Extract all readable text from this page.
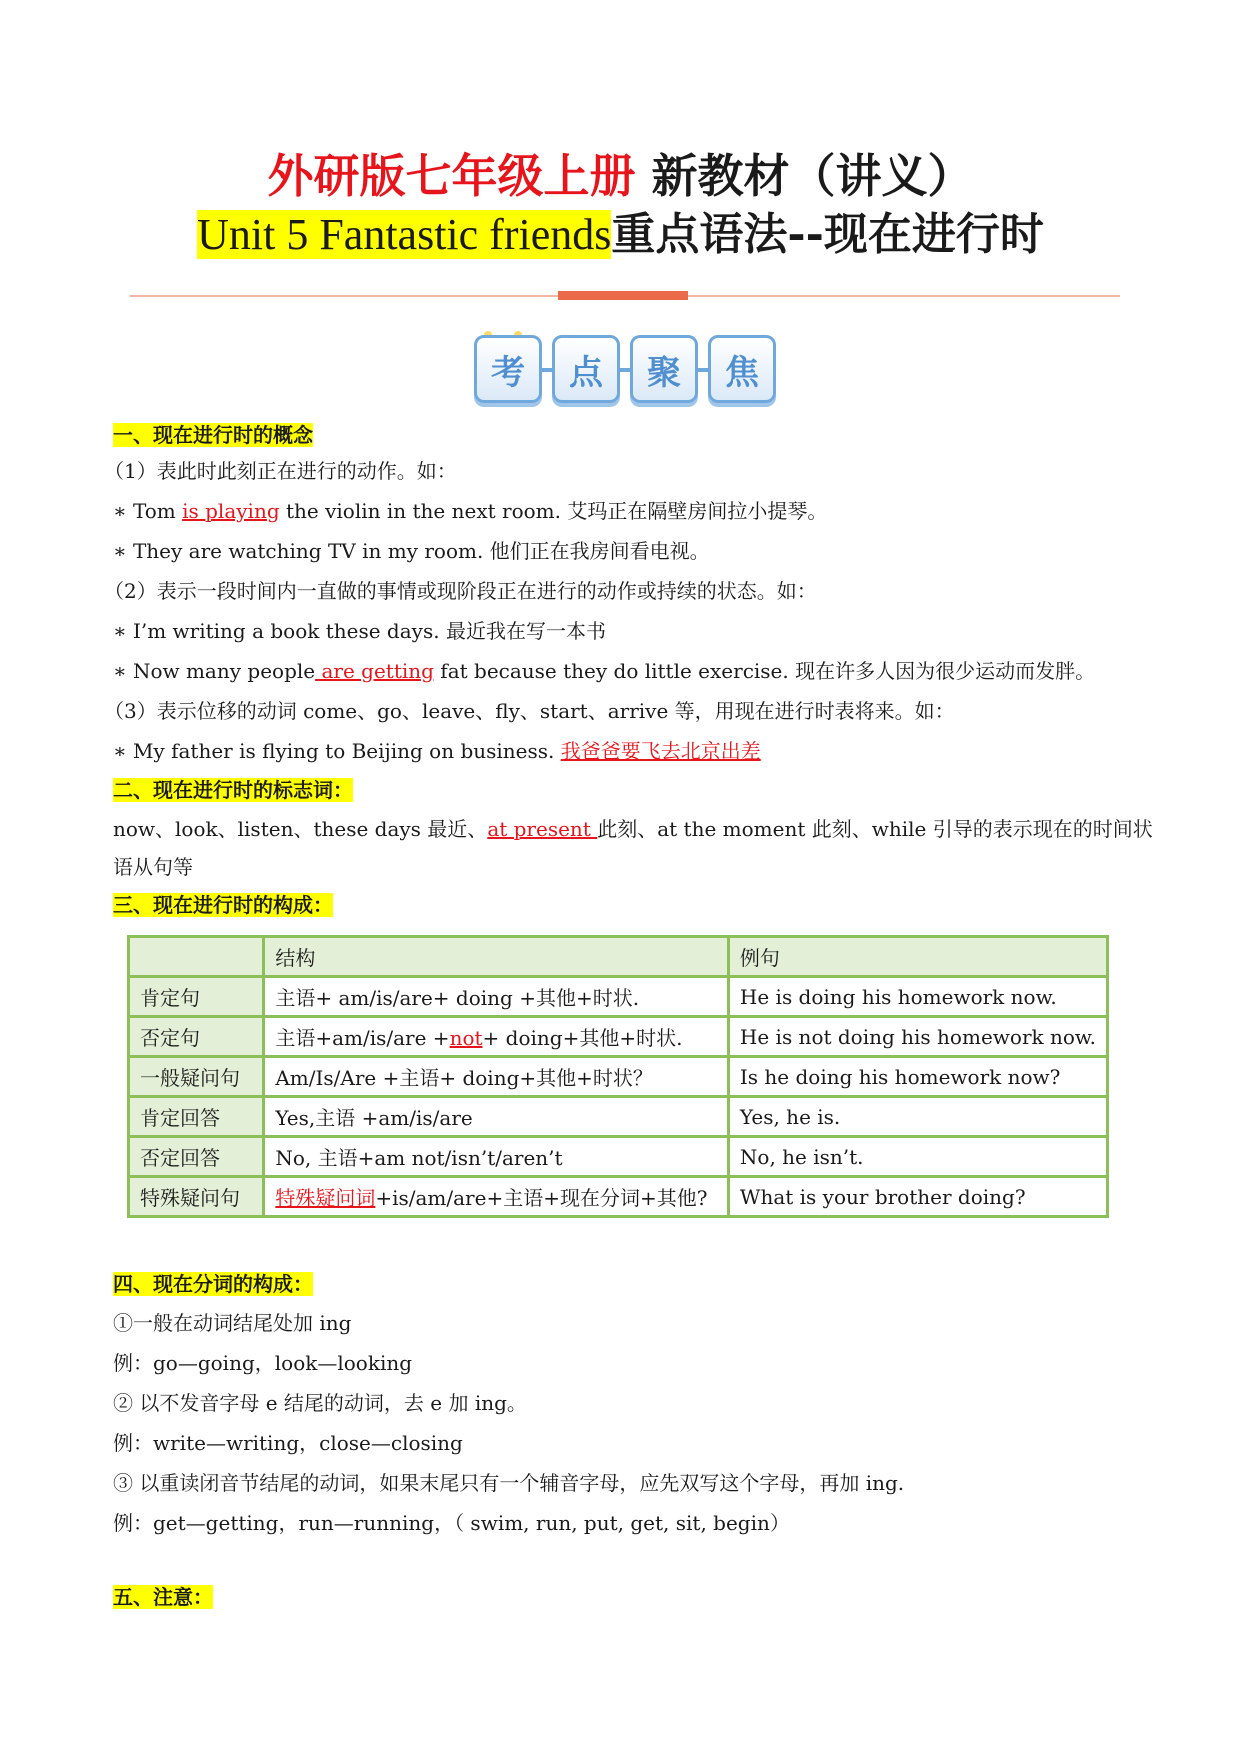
外研版七年级上册 新教材（讲义）
Unit 5 Fantastic friends重点语法--现在进行时
考	点	聚	焦
一、现在进行时的概念
（1）表此时此刻正在进行的动作。如：
∗ Tom is playing the violin in the next room. 艾玛正在隔壁房间拉小提琴。
∗ They are watching TV in my room. 他们正在我房间看电视。
（2）表示一段时间内一直做的事情或现阶段正在进行的动作或持续的状态。如：
∗ I’m writing a book these days. 最近我在写一本书
∗ Now many people are getting fat because they do little exercise. 现在许多人因为很少运动而发胖。
（3）表示位移的动词 come、go、leave、fly、start、arrive 等，用现在进行时表将来。如：
∗ My father is flying to Beijing on business. 我爸爸要飞去北京出差
二、现在进行时的标志词：
now、look、listen、these days 最近、at present 此刻、at the moment 此刻、while 引导的表示现在的时间状
语从句等
三、现在进行时的构成：
	结构	例句
肯定句	主语+ am/is/are+ doing +其他+时状.	He is doing his homework now.
否定句	主语+am/is/are +not+ doing+其他+时状.	He is not doing his homework now.
一般疑问句	Am/Is/Are +主语+ doing+其他+时状？	Is he doing his homework now?
肯定回答	Yes,主语 +am/is/are	Yes, he is.
否定回答	No, 主语+am not/isn’t/aren’t	No, he isn’t.
特殊疑问句	特殊疑问词+is/am/are+主语+现在分词+其他?	What is your brother doing?
四、现在分词的构成：
①一般在动词结尾处加 ing
例：go—going，look—looking
② 以不发音字母 e 结尾的动词，去 e 加 ing。
例：write—writing，close—closing
③ 以重读闭音节结尾的动词，如果末尾只有一个辅音字母，应先双写这个字母，再加 ing.
例：get—getting，run—running，（ swim, run, put, get, sit, begin）
五、注意：
